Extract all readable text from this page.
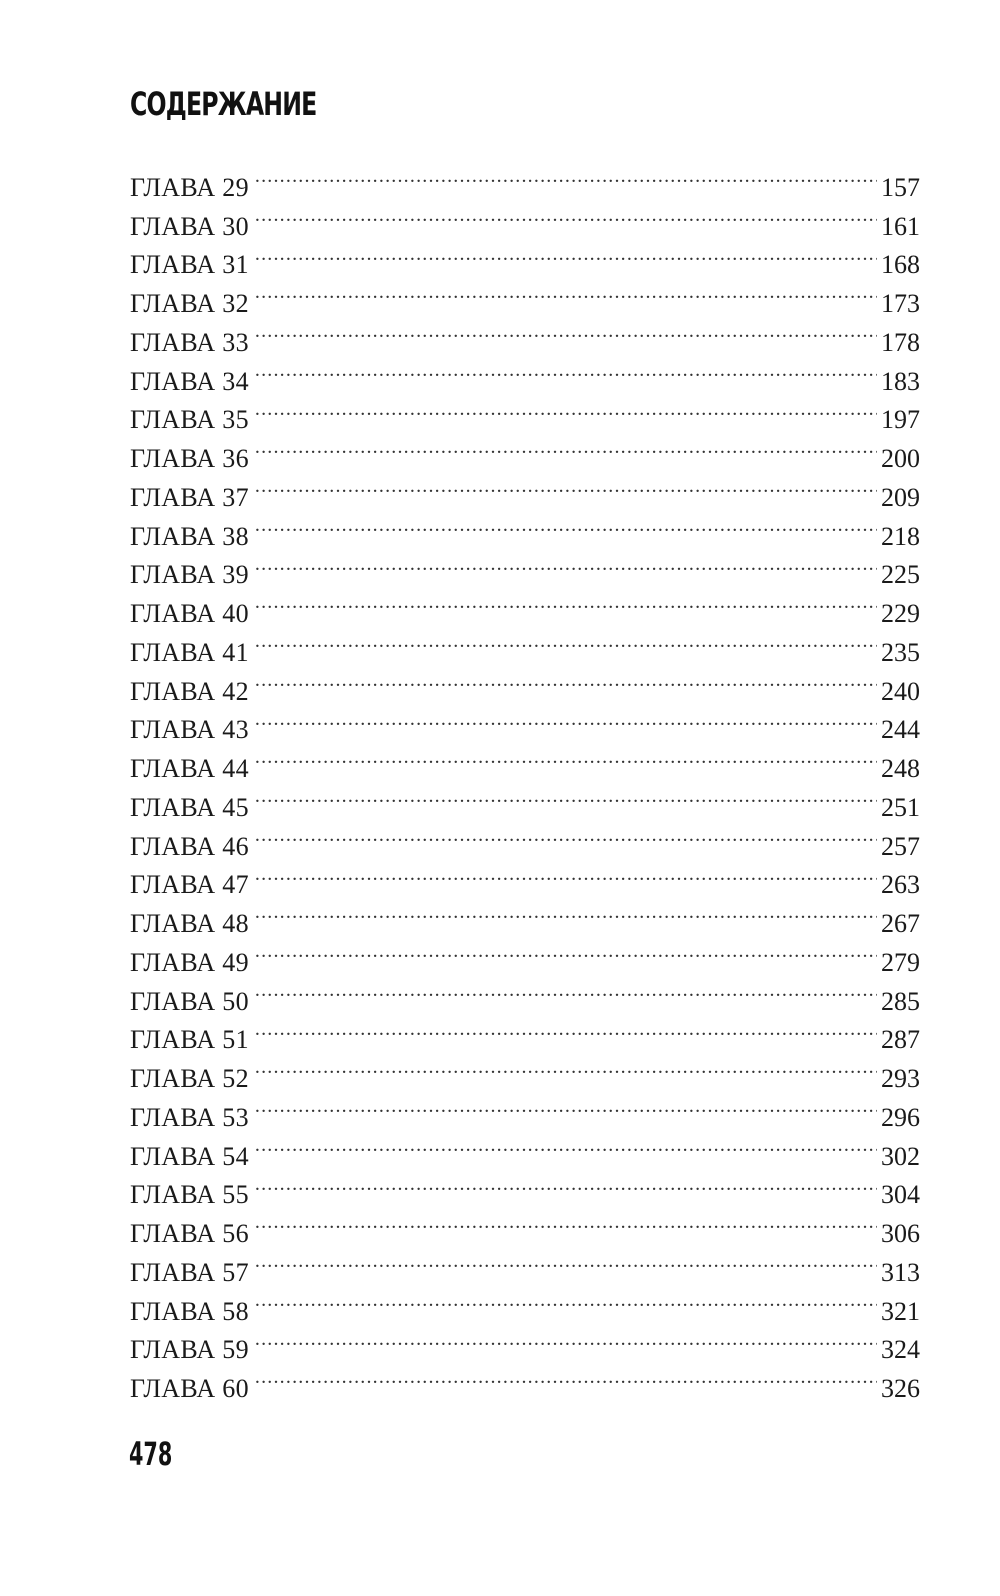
СОДЕРЖАНИЕ
ГЛАВА 29 .....	157
ГЛАВА 30 .....	161
ГЛАВА 31 .....	168
ГЛАВА 32 .....	173
ГЛАВА 33 .....	178
ГЛАВА 34 .....	183
ГЛАВА 35 .....	197
ГЛАВА 36 .....	200
ГЛАВА 37 .....	209
ГЛАВА 38 .....	218
ГЛАВА 39 .....	225
ГЛАВА 40 .....	229
ГЛАВА 41 .....	235
ГЛАВА 42 .....	240
ГЛАВА 43 .....	244
ГЛАВА 44 .....	248
ГЛАВА 45 .....	251
ГЛАВА 46 .....	257
ГЛАВА 47 .....	263
ГЛАВА 48 .....	267
ГЛАВА 49 .....	279
ГЛАВА 50 .....	285
ГЛАВА 51 .....	287
ГЛАВА 52 .....	293
ГЛАВА 53 .....	296
ГЛАВА 54 .....	302
ГЛАВА 55 .....	304
ГЛАВА 56 .....	306
ГЛАВА 57 .....	313
ГЛАВА 58 .....	321
ГЛАВА 59 .....	324
ГЛАВА 60 .....	326
478
